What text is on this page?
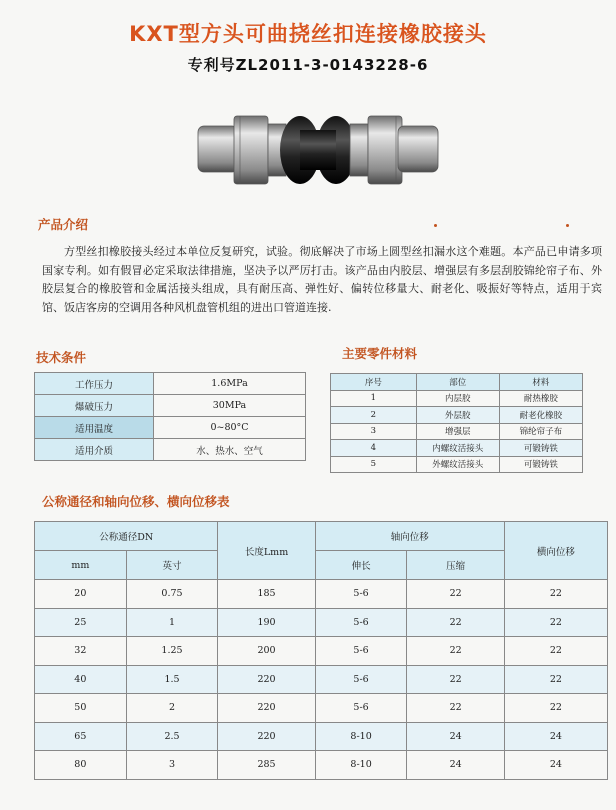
KXT型方头可曲挠丝扣连接橡胶接头
专利号ZL2011-3-0143228-6
产品介绍
方型丝扣橡胶接头经过本单位反复研究，试验。彻底解决了市场上圆型丝扣漏水这个难题。本产品已申请多项国家专利。如有假冒必定采取法律措施，坚决予以严厉打击。该产品由内胶层、增强层有多层刮胶锦纶帘子布、外胶层复合的橡胶管和金属活接头组成，具有耐压高、弹性好、偏转位移量大、耐老化、吸振好等特点，适用于宾馆、饭店客房的空调用各种风机盘管机组的进出口管道连接.
技术条件	主要零件材料
工作压力	1.6MPa
爆破压力	30MPa
适用温度	0~80°C
适用介质	水、热水、空气
序号	部位	材料
1	内层胶	耐热橡胶
2	外层胶	耐老化橡胶
3	增强层	锦纶帘子布
4	内螺纹活接头	可锻铸铁
5	外螺纹活接头	可锻铸铁
公称通径和轴向位移、横向位移表
公称通径DN		长度Lmm	轴向位移		横向位移
mm	英寸		伸长	压缩	
20	0.75	185	5-6	22	22
25	1	190	5-6	22	22
32	1.25	200	5-6	22	22
40	1.5	220	5-6	22	22
50	2	220	5-6	22	22
65	2.5	220	8-10	24	24
80	3	285	8-10	24	24
